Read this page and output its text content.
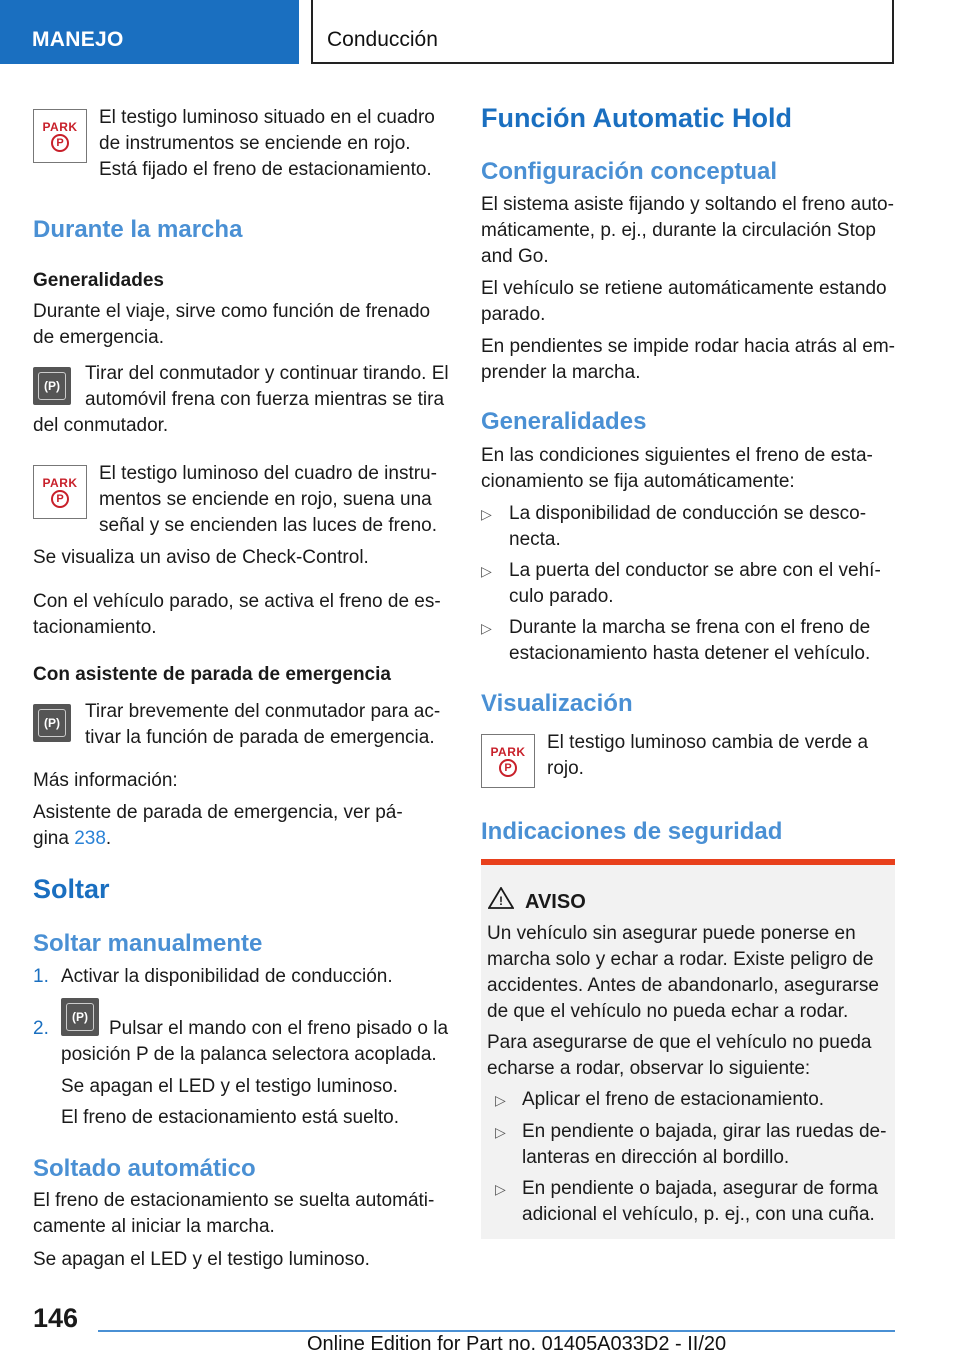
MANEJO	Conducción
PARK
P

El testigo luminoso situado en el cuadro
de instrumentos se enciende en rojo.
Está fijado el freno de estacionamiento.

Durante la marcha
Generalidades

Durante el viaje, sirve como función de frenado
de emergencia.

(P)

Tirar del conmutador y continuar tirando. El
automóvil frena con fuerza mientras se tira
del conmutador.

PARK
P

El testigo luminoso del cuadro de instru-
mentos se enciende en rojo, suena una
señal y se encienden las luces de freno.

Se visualiza un aviso de Check-Control.

Con el vehículo parado, se activa el freno de es-
tacionamiento.

Con asistente de parada de emergencia
(P)

Tirar brevemente del conmutador para ac-
tivar la función de parada de emergencia.

Más información:

Asistente de parada de emergencia, ver pá-
gina 238.

Soltar
Soltar manualmente

1. Activar la disponibilidad de conducción.

2.	Pulsar el mando con el freno pisado o la
posición P de la palanca selectora acoplada.

(P)

Se apagan el LED y el testigo luminoso.

El freno de estacionamiento está suelto.

Soltado automático

El freno de estacionamiento se suelta automáti-
camente al iniciar la marcha.

Se apagan el LED y el testigo luminoso.

Función Automatic Hold
Configuración conceptual

El sistema asiste fijando y soltando el freno auto-
máticamente, p. ej., durante la circulación Stop
and Go.

El vehículo se retiene automáticamente estando
parado.

En pendientes se impide rodar hacia atrás al em-
prender la marcha.

Generalidades

En las condiciones siguientes el freno de esta-
cionamiento se fija automáticamente:

▷ La disponibilidad de conducción se desco-
necta.

▷ La puerta del conductor se abre con el vehí-
culo parado.

▷ Durante la marcha se frena con el freno de
estacionamiento hasta detener el vehículo.

Visualización
PARK
P

El testigo luminoso cambia de verde a
rojo.

Indicaciones de seguridad
! AVISO

Un vehículo sin asegurar puede ponerse en
marcha solo y echar a rodar. Existe peligro de
accidentes. Antes de abandonarlo, asegurarse
de que el vehículo no pueda echar a rodar.

Para asegurarse de que el vehículo no pueda
echarse a rodar, observar lo siguiente:

▷ Aplicar el freno de estacionamiento.

▷ En pendiente o bajada, girar las ruedas de-
lanteras en dirección al bordillo.

▷ En pendiente o bajada, asegurar de forma
adicional el vehículo, p. ej., con una cuña.

146
Online Edition for Part no. 01405A033D2 - II/20
